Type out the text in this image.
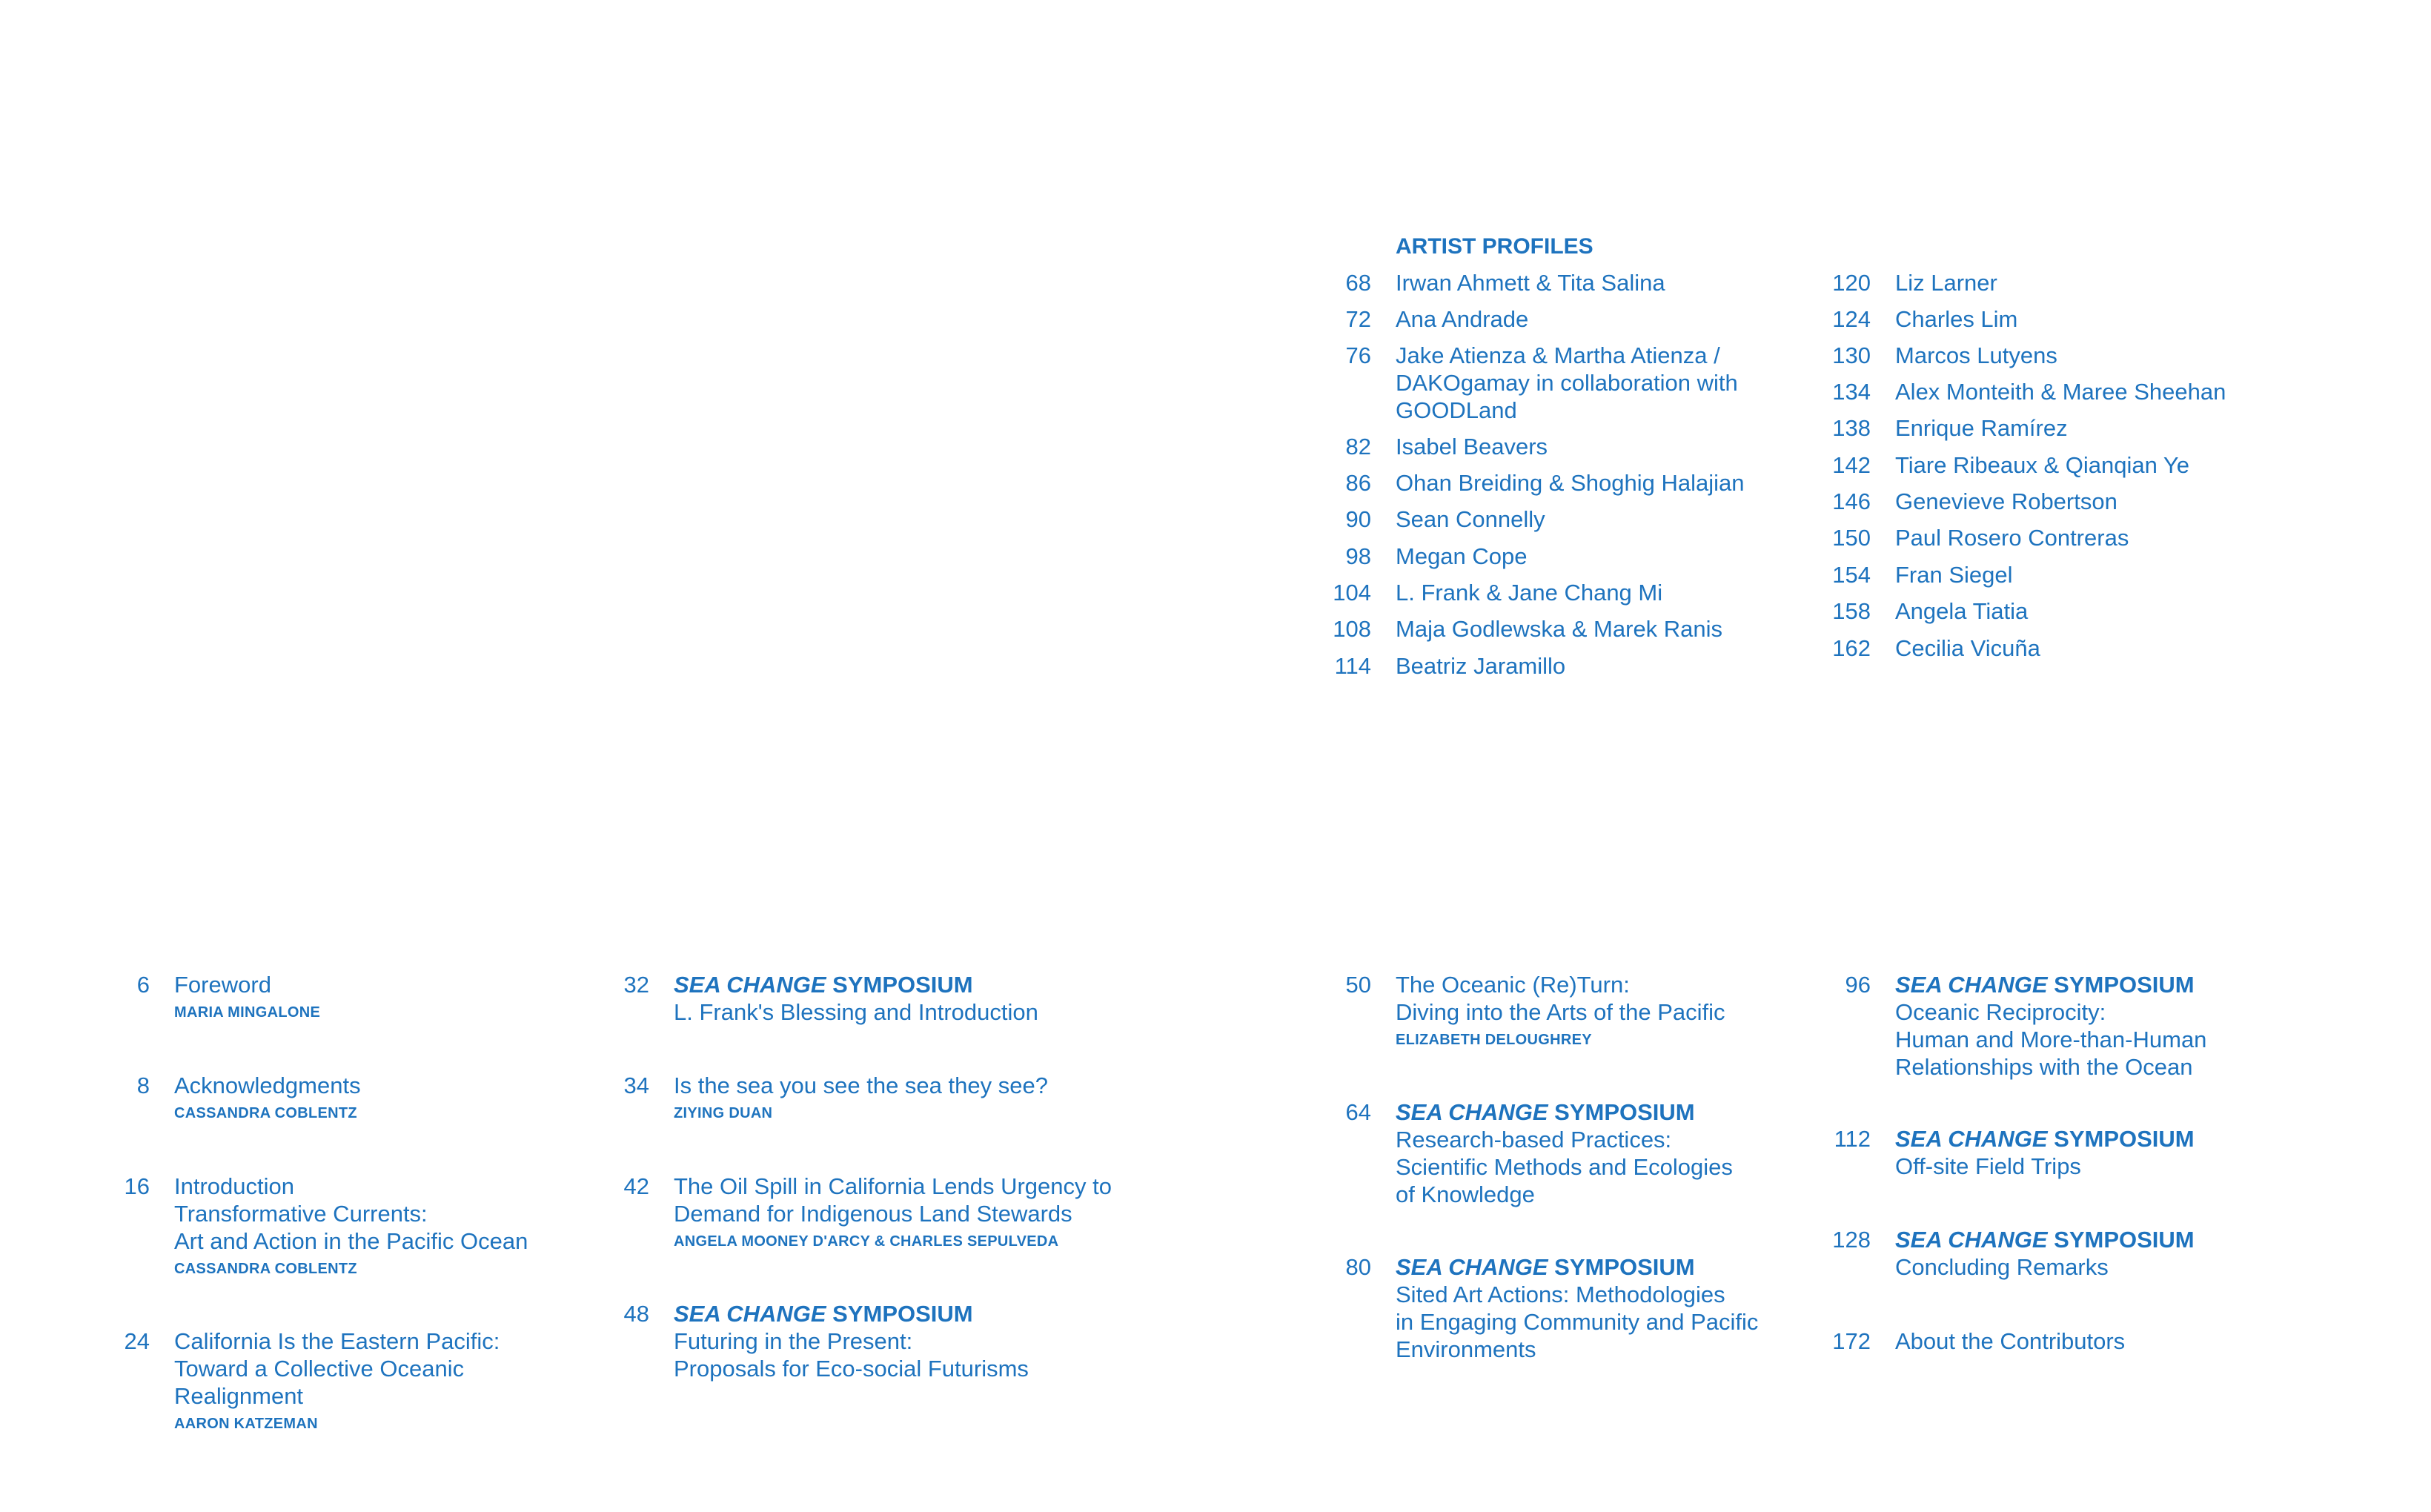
ARTIST PROFILES
68 Irwan Ahmett & Tita Salina
72 Ana Andrade
76 Jake Atienza & Martha Atienza /
DAKOgamay in collaboration with
GOODLand
82 Isabel Beavers
86 Ohan Breiding & Shoghig Halajian
90 Sean Connelly
98 Megan Cope
104 L. Frank & Jane Chang Mi
108 Maja Godlewska & Marek Ranis
114 Beatriz Jaramillo
120 Liz Larner
124 Charles Lim
130 Marcos Lutyens
134 Alex Monteith & Maree Sheehan
138 Enrique Ramírez
142 Tiare Ribeaux & Qianqian Ye
146 Genevieve Robertson
150 Paul Rosero Contreras
154 Fran Siegel
158 Angela Tiatia
162 Cecilia Vicuña
6 Foreword
MARIA MINGALONE
8 Acknowledgments
CASSANDRA COBLENTZ
16 Introduction
Transformative Currents:
Art and Action in the Pacific Ocean
CASSANDRA COBLENTZ
24 California Is the Eastern Pacific:
Toward a Collective Oceanic
Realignment
AARON KATZEMAN
32 SEA CHANGE SYMPOSIUM
L. Frank's Blessing and Introduction
34 Is the sea you see the sea they see?
ZIYING DUAN
42 The Oil Spill in California Lends Urgency to
Demand for Indigenous Land Stewards
ANGELA MOONEY D'ARCY & CHARLES SEPULVEDA
48 SEA CHANGE SYMPOSIUM
Futuring in the Present:
Proposals for Eco-social Futurisms
50 The Oceanic (Re)Turn:
Diving into the Arts of the Pacific
ELIZABETH DELOUGHREY
64 SEA CHANGE SYMPOSIUM
Research-based Practices:
Scientific Methods and Ecologies
of Knowledge
80 SEA CHANGE SYMPOSIUM
Sited Art Actions: Methodologies
in Engaging Community and Pacific
Environments
96 SEA CHANGE SYMPOSIUM
Oceanic Reciprocity:
Human and More-than-Human
Relationships with the Ocean
112 SEA CHANGE SYMPOSIUM
Off-site Field Trips
128 SEA CHANGE SYMPOSIUM
Concluding Remarks
172 About the Contributors
